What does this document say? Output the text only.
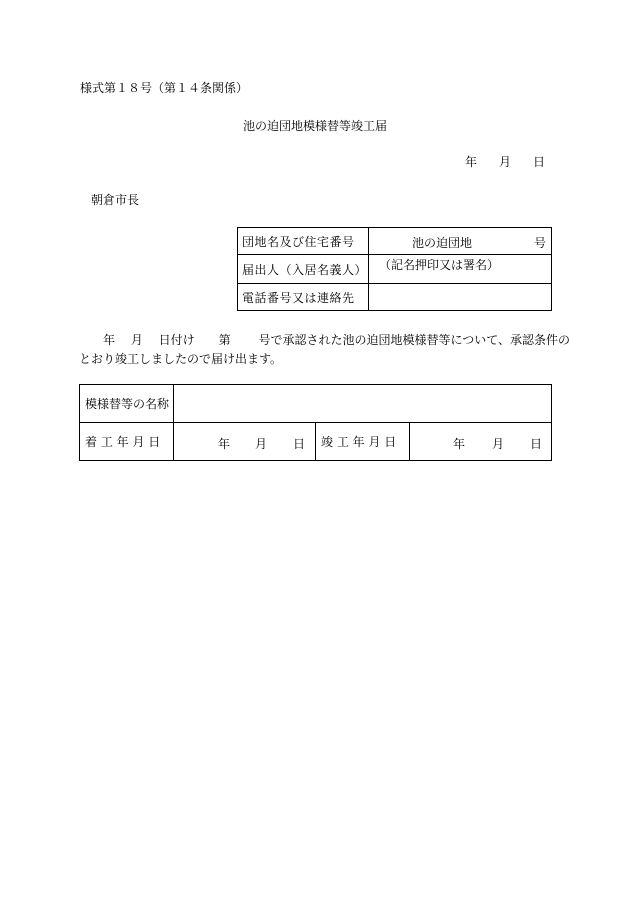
様式第１８号（第１４条関係）
池の迫団地模様替等竣工届
年 月 日
朝倉市長
団地名及び住宅番号	池の迫団地 号

届出人（入居名義人）	（記名押印又は署名）

電話番号又は連絡先	
年　 月　 日付け　　第　　 号で承認された池の迫団地模様替等について、承認条件の
とおり竣工しましたので届け出ます。
模様替等の名称			
着 工 年 月 日	年 月 日	竣 工 年 月 日	年 月 日
